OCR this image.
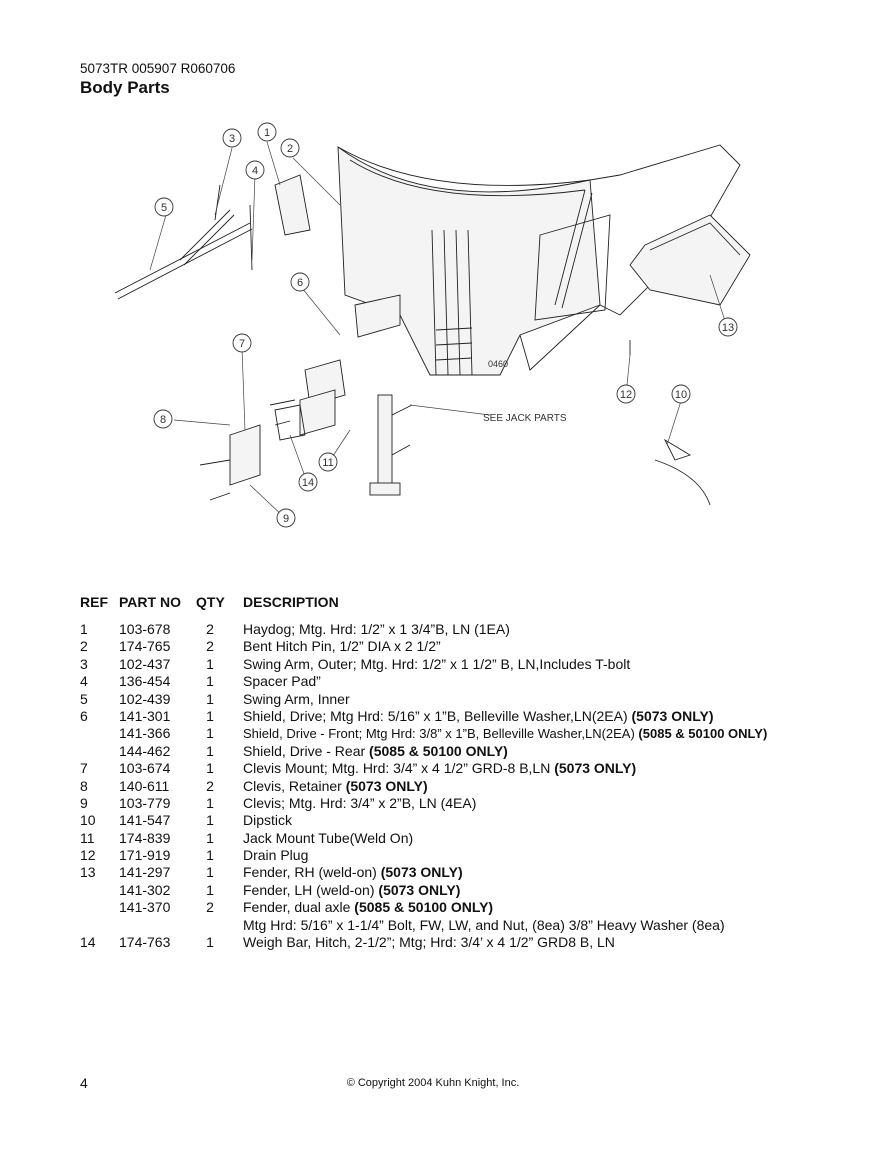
5073TR 005907 R060706
Body Parts
0460
SEE JACK PARTS
1
2
3
4
5
6
7
8
9
10
11
12
13
14
REF PART NO QTY DESCRIPTION
1 103-678	2	Haydog; Mtg. Hrd: 1/2” x 1 3/4”B, LN (1EA)
2 174-765	2	Bent Hitch Pin, 1/2” DIA x 2 1/2”
3 102-437	1	Swing Arm, Outer; Mtg. Hrd: 1/2” x 1 1/2” B, LN,Includes T-bolt
4 136-454	1	Spacer Pad”
5 102-439	1	Swing Arm, Inner
6 141-301	1	Shield, Drive; Mtg Hrd: 5/16” x 1”B, Belleville Washer,LN(2EA) (5073 ONLY)
141-366	1	Shield, Drive - Front; Mtg Hrd: 3/8” x 1”B, Belleville Washer,LN(2EA) (5085 & 50100 ONLY)
144-462	1	Shield, Drive - Rear (5085 & 50100 ONLY)
7 103-674	1	Clevis Mount; Mtg. Hrd: 3/4” x 4 1/2” GRD-8 B,LN (5073 ONLY)
8 140-611	2	Clevis, Retainer (5073 ONLY)
9 103-779	1	Clevis; Mtg. Hrd: 3/4” x 2”B, LN (4EA)
10 141-547	1	Dipstick
11 174-839	1	Jack Mount Tube(Weld On)
12 171-919	1	Drain Plug
13 141-297	1	Fender, RH (weld-on) (5073 ONLY)
141-302	1	Fender, LH (weld-on) (5073 ONLY)
141-370	2	Fender, dual axle (5085 & 50100 ONLY)
Mtg Hrd: 5/16” x 1-1/4” Bolt, FW, LW, and Nut, (8ea) 3/8” Heavy Washer (8ea)
14 174-763	1	Weigh Bar, Hitch, 2-1/2”; Mtg; Hrd: 3/4’ x 4 1/2” GRD8 B, LN
4	© Copyright 2004 Kuhn Knight, Inc.
